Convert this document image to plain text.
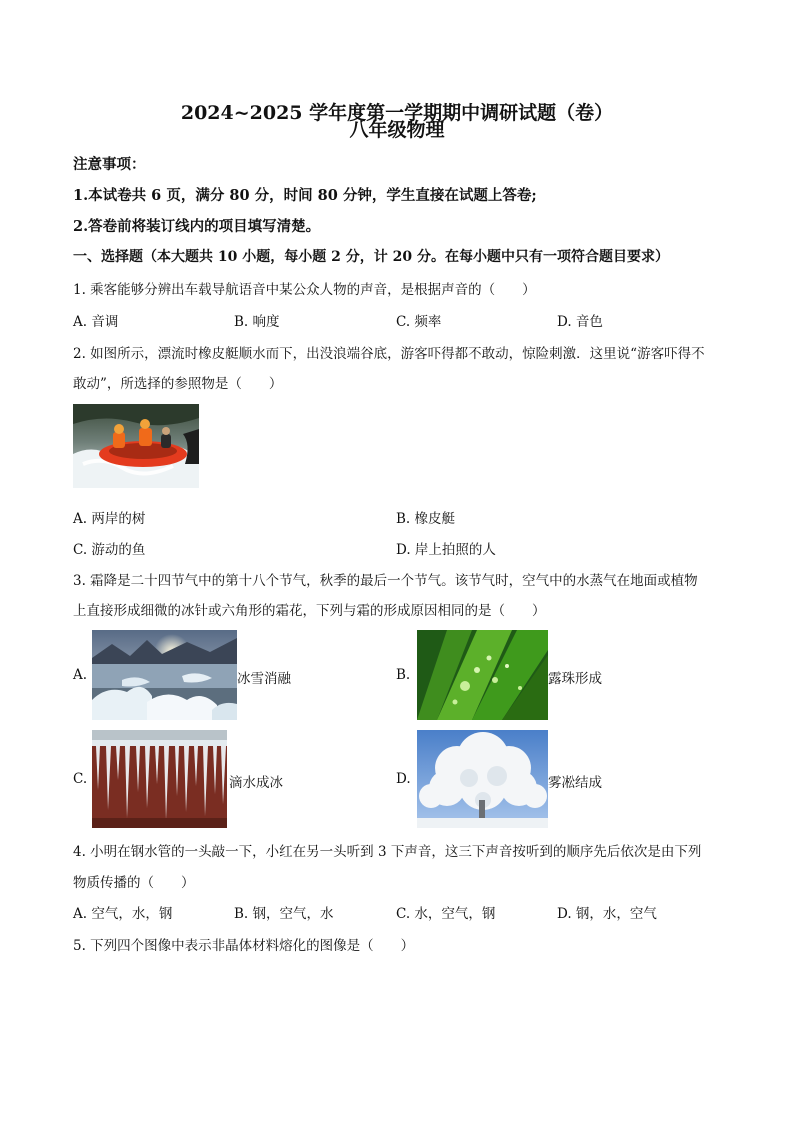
2024~2025 学年度第一学期期中调研试题（卷）
八年级物理
注意事项：
1.本试卷共 6 页，满分 80 分，时间 80 分钟，学生直接在试题上答卷;
2.答卷前将装订线内的项目填写清楚。
一、选择题（本大题共 10 小题，每小题 2 分，计 20 分。在每小题中只有一项符合题目要求）
1. 乘客能够分辨出车载导航语音中某公众人物的声音，是根据声音的（　　）
A. 音调	B. 响度	C. 频率	D. 音色
2. 如图所示，漂流时橡皮艇顺水而下，出没浪端谷底，游客吓得都不敢动，惊险刺激．这里说“游客吓得不
敢动”，所选择的参照物是（　　）
A. 两岸的树	B. 橡皮艇
C. 游动的鱼	D. 岸上拍照的人
3. 霜降是二十四节气中的第十八个节气，秋季的最后一个节气。该节气时，空气中的水蒸气在地面或植物
上直接形成细微的冰针或六角形的霜花，下列与霜的形成原因相同的是（　　）
A.	冰雪消融	B.	露珠形成
C.	滴水成冰	D.	雾凇结成
4. 小明在钢水管的一头敲一下，小红在另一头听到 3 下声音，这三下声音按听到的顺序先后依次是由下列
物质传播的（　　）
A. 空气，水，钢	B. 钢，空气，水	C. 水，空气，钢	D. 钢，水，空气
5. 下列四个图像中表示非晶体材料熔化的图像是（　　）
